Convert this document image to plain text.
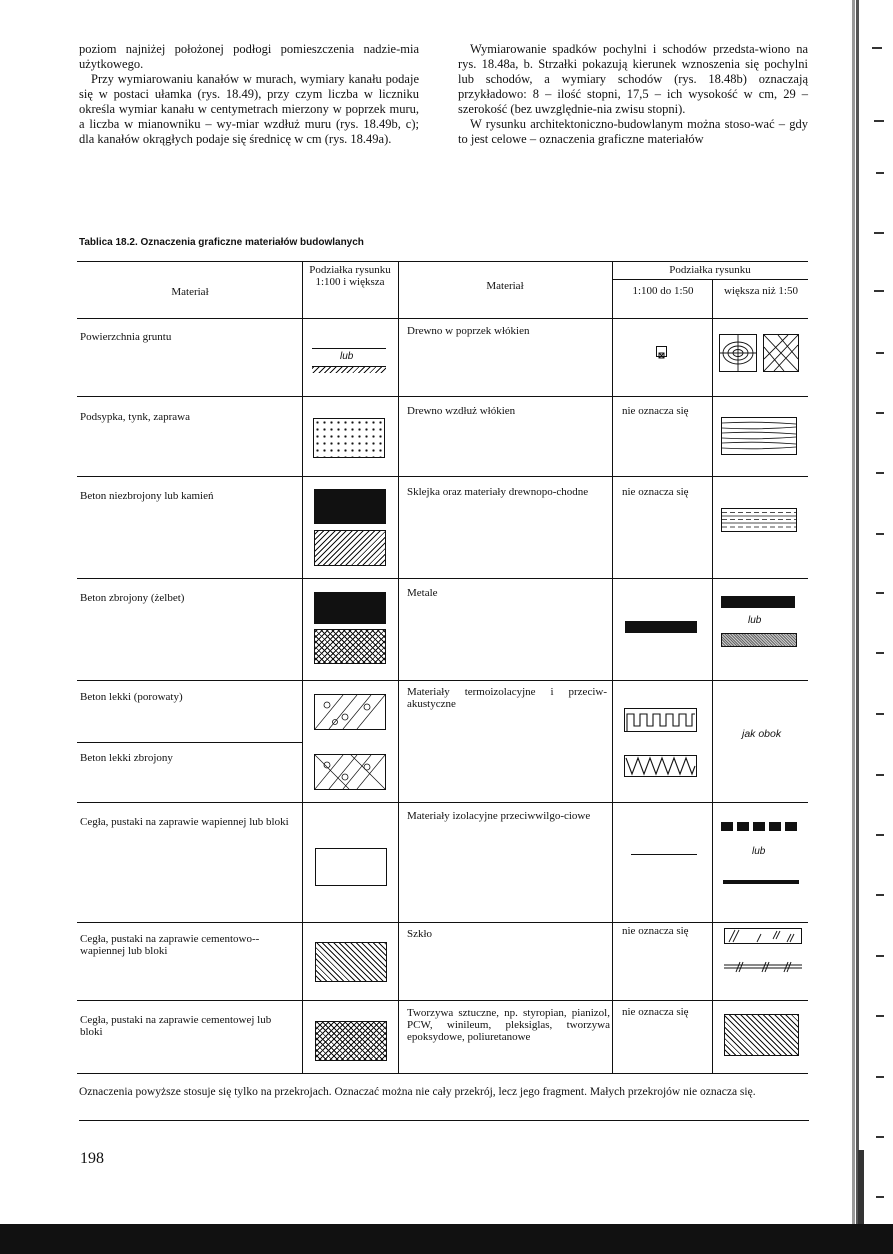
poziom najniżej położonej podłogi pomieszczenia nadzie-mia użytkowego.

Przy wymiarowaniu kanałów w murach, wymiary kanału podaje się w postaci ułamka (rys. 18.49), przy czym liczba w liczniku określa wymiar kanału w centymetrach mierzony w poprzek muru, a liczba w mianowniku – wy-miar wzdłuż muru (rys. 18.49b, c); dla kanałów okrągłych podaje się średnicę w cm (rys. 18.49a).

Wymiarowanie spadków pochylni i schodów przedsta-wiono na rys. 18.48a, b. Strzałki pokazują kierunek wznoszenia się pochylni lub schodów, a wymiary schodów (rys. 18.48b) oznaczają przykładowo: 8 – ilość stopni, 17,5 – ich wysokość w cm, 29 – szerokość (bez uwzględnie-nia zwisu stopni).

W rysunku architektoniczno-budowlanym można stoso-wać – gdy to jest celowe – oznaczenia graficzne materiałów

Tablica 18.2. Oznaczenia graficzne materiałów budowlanych
Materiał
Podziałka rysunku 1:100 i większa	Materiał
Podziałka rysunku
1:100 do 1:50	większa niż 1:50
Powierzchnia gruntu
Podsypka, tynk, zaprawa
Beton niezbrojony lub kamień
Beton zbrojony (żelbet)
Beton lekki (porowaty)
Beton lekki zbrojony
Cegła, pustaki na zaprawie wapiennej lub bloki
Cegła, pustaki na zaprawie cementowo--wapiennej lub bloki
Cegła, pustaki na zaprawie cementowej lub bloki
Drewno w poprzek włókien
Drewno wzdłuż włókien
Sklejka oraz materiały drewnopo-chodne
Metale
Materiały termoizolacyjne i przeciw-akustyczne
Materiały izolacyjne przeciwwilgo-ciowe
Szkło
Tworzywa sztuczne, np. styropian, pianizol, PCW, winileum, pleksiglas, tworzywa epoksydowe, poliuretanowe
nie oznacza się
nie oznacza się
nie oznacza się
nie oznacza się
lub
lub
jak obok
lub
Oznaczenia powyższe stosuje się tylko na przekrojach. Oznaczać można nie cały przekrój, lecz jego fragment. Małych przekrojów nie oznacza się.
198
